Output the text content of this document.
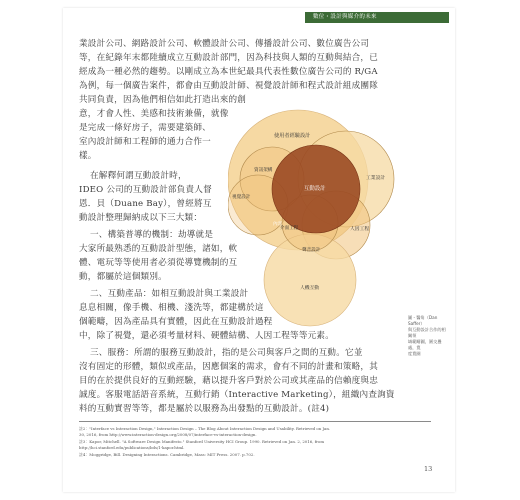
數位・設計與媒介的未來
業設計公司、網路設計公司、軟體設計公司、傳播設計公司、數位廣告公司
等，在紀錄年末都陸續成立互動設計部門，因為科技與人類的互動與結合，已
經成為一種必然的趨勢。以剛成立為本世紀最具代表性數位廣告公司的 R/GA
為例，每一個廣告案件，都會由互動設計師、視覺設計師和程式設計組成團隊
共同負責，因為他們相信如此打造出來的創
意，才會人性、美感和技術兼備，就像
是完成一條好房子，需要建築師、
室內設計師和工程師的通力合作一
樣。
在解釋何謂互動設計時，
IDEO 公司的互動設計部負責人督
恩．貝（Duane Bay），曾經將互
動設計整理歸納成以下三大類：
一、構築普導的機制：劫導就是
大家所最熟悉的互動設計型態，諸如，軟
體、電玩等等使用者必須從導覽機制的互
動，都屬於這個類別。
二、互動產品：如相互動設計與工業設計
息息相關，像手機、相機、淺洗等，都建構於這
個範疇，因為產品具有實體，因此在互動設計過程
中，除了視覺，還必須考量材料、硬體結構、人因工程等等元素。
三、服務：所謂的服務互動設計，指的是公司與客戶之間的互動。它並
沒有固定的形體，類似或產品，因應個案的需求，會有不同的計畫和策略，其
目的在於提供良好的互動經驗，藉以提升客戶對於公司或其產品的信賴度與忠
誠度。客服電話語音系統，互動行銷（Interactive Marketing），組織內查詢資
料的互動實習等等，都是屬於以服務為出發點的互動設計。(註4)
使用者經驗設計
互動設計
資訊架構
視覺設計
工業設計
人因工程
人機互動
聲音設計
內容
介面工程
圖 - 醫角（Dan Saffer）
與互動設計合作的相關領
域範疇圖，圓交疊處，寬
度寬圈
註2："Interface vs Interaction Design," Interaction Design – The Blog About Interaction Design and Usability. Retrieved on Jan.
30, 2016, from http://www.interaction-design.org/2008/07/interface-vs-interaction-design.
註3：Kapor, Mitchell. "A Software Design Manifesto." Stanford University HCI Group. 1990. Retrieved on Jan. 2, 2016, from
http://hci.stanford.edu/publications/bds/1-kapor.html.
註4：Moggridge, Bill. Designing Interactions. Cambridge, Mass: MIT Press. 2007. p.702.
13
